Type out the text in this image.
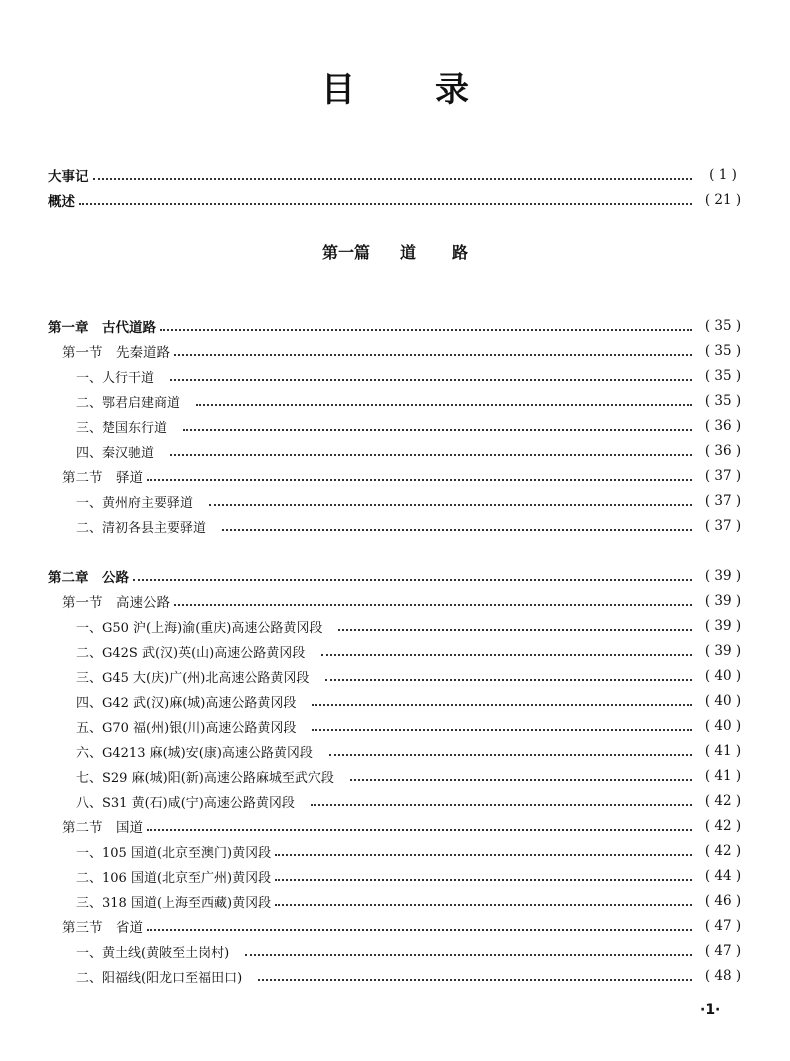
目 录
大事记	( 1 )
概述	( 21 )
第一篇 道 路
第一章　古代道路	( 35 )
第一节　先秦道路	( 35 )
一、人行干道	( 35 )
二、鄂君启建商道	( 35 )
三、楚国东行道	( 36 )
四、秦汉驰道	( 36 )
第二节　驿道	( 37 )
一、黄州府主要驿道	( 37 )
二、清初各县主要驿道	( 37 )
第二章　公路	( 39 )
第一节　高速公路	( 39 )
一、G50 沪(上海)渝(重庆)高速公路黄冈段	( 39 )
二、G42S 武(汉)英(山)高速公路黄冈段	( 39 )
三、G45 大(庆)广(州)北高速公路黄冈段	( 40 )
四、G42 武(汉)麻(城)高速公路黄冈段	( 40 )
五、G70 福(州)银(川)高速公路黄冈段	( 40 )
六、G4213 麻(城)安(康)高速公路黄冈段	( 41 )
七、S29 麻(城)阳(新)高速公路麻城至武穴段	( 41 )
八、S31 黄(石)咸(宁)高速公路黄冈段	( 42 )
第二节　国道	( 42 )
一、105 国道(北京至澳门)黄冈段	( 42 )
二、106 国道(北京至广州)黄冈段	( 44 )
三、318 国道(上海至西藏)黄冈段	( 46 )
第三节　省道	( 47 )
一、黄土线(黄陂至土岗村)	( 47 )
二、阳福线(阳龙口至福田口)	( 48 )
·1·
